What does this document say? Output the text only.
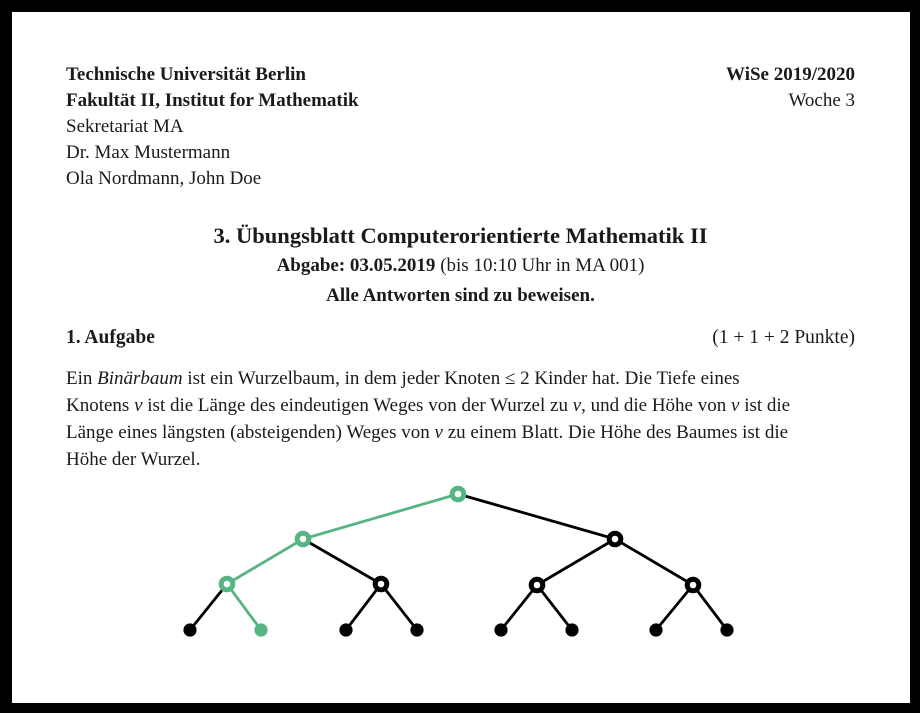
Technische Universität Berlin	WiSe 2019/2020
Fakultät II, Institut for Mathematik	Woche 3
Sekretariat MA
Dr. Max Mustermann
Ola Nordmann, John Doe
3. Übungsblatt Computerorientierte Mathematik II
Abgabe: 03.05.2019 (bis 10:10 Uhr in MA 001)
Alle Antworten sind zu beweisen.
1. Aufgabe	(1 + 1 + 2 Punkte)
Ein Binärbaum ist ein Wurzelbaum, in dem jeder Knoten ≤ 2 Kinder hat. Die Tiefe eines
Knotens v ist die Länge des eindeutigen Weges von der Wurzel zu v, und die Höhe von v ist die
Länge eines längsten (absteigenden) Weges von v zu einem Blatt. Die Höhe des Baumes ist die
Höhe der Wurzel.
